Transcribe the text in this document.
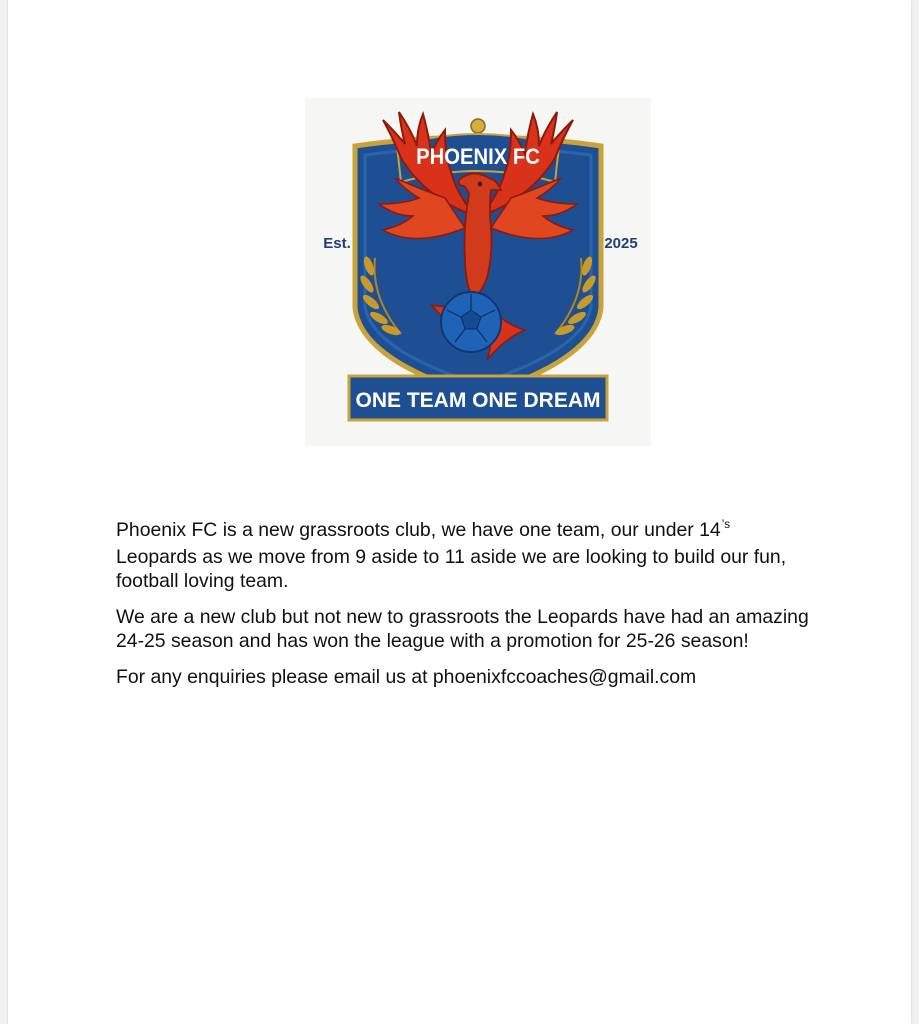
PHOENIX FC
Est.	2025
ONE TEAM ONE DREAM

Phoenix FC is a new grassroots club, we have one team, our under $14^{’s}$
Leopards as we move from 9 aside to 11 aside we are looking to build our fun, football loving team.

We are a new club but not new to grassroots the Leopards have had an amazing 24-25 season and has won the league with a promotion for 25-26 season!

For any enquiries please email us at phoenixfccoaches@gmail.com
